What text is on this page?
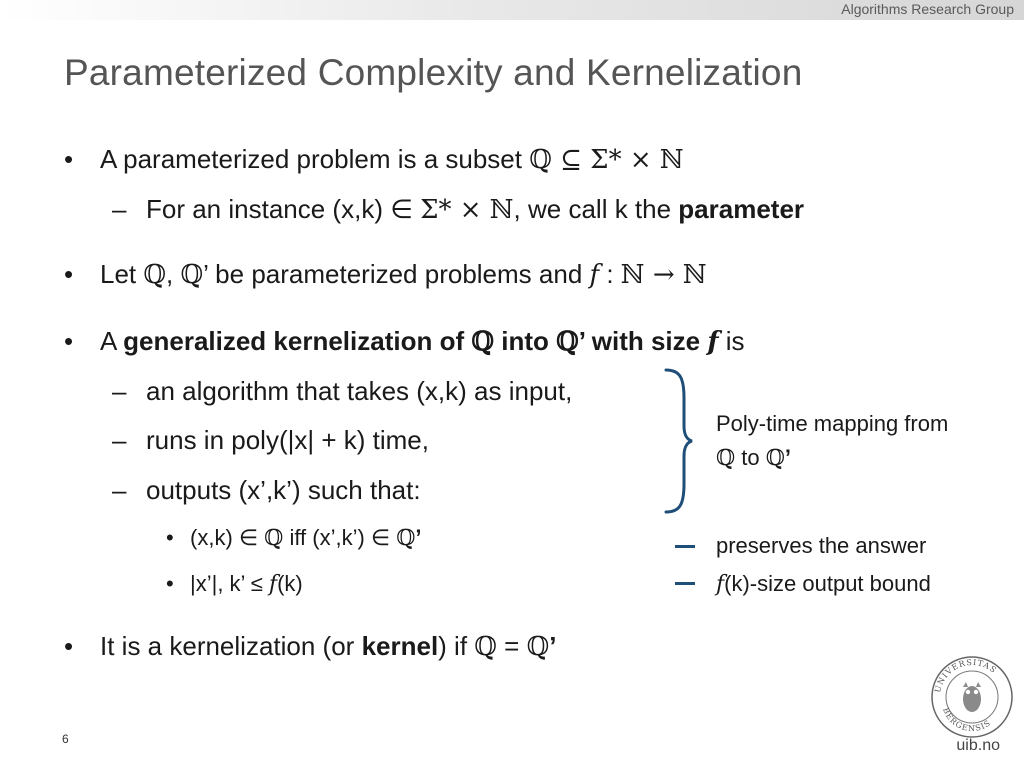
Algorithms Research Group
Parameterized Complexity and Kernelization
• A parameterized problem is a subset ℚ ⊆ Σ* × ℕ
– For an instance (x,k) ∈ Σ* × ℕ, we call k the parameter
• Let ℚ, ℚ’ be parameterized problems and f : ℕ → ℕ
• A generalized kernelization of ℚ into ℚ’ with size f is
– an algorithm that takes (x,k) as input,
– runs in poly(|x| + k) time,
– outputs (x’,k’) such that:
• (x,k) ∈ ℚ iff (x’,k’) ∈ ℚ’
• |x’|, k’ ≤ f(k)
• It is a kernelization (or kernel) if ℚ = ℚ’
Poly-time mapping from
ℚ to ℚ’
preserves the answer
f(k)-size output bound
6
UNIVERSITAS
BERGENSIS
uib.no
